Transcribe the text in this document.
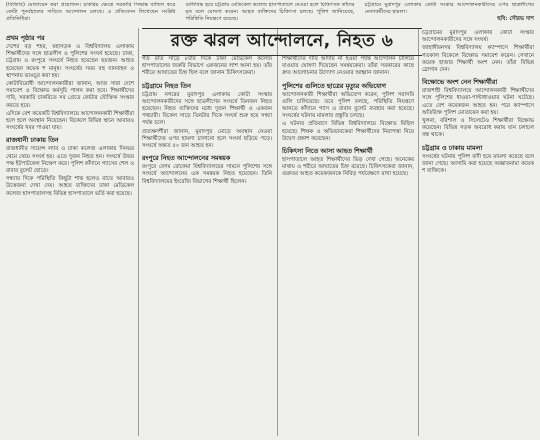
(বিজিবি) মোতায়েন করা প্রয়োজন। চাকরির ক্ষেত্রে সরকারি সিদ্ধান্ত বাতিল করে কোটা পুনর্বহালের দাবিতে আন্দোলন চলছে। এ প্রতিবেদন লিখেছেন সংশ্লিষ্ট প্রতিনিধিরা।

গুলিবিদ্ধ হয়ে চট্টগ্রাম মেডিকেল কলেজ হাসপাতালে নেওয়া হলে চিকিৎসক তাঁদের মৃত বলে ঘোষণা করেন। আহত ব্যক্তিদের চিকিৎসা চলছে। পুলিশ জানিয়েছে, পরিস্থিতি নিয়ন্ত্রণে রয়েছে।

চট্টগ্রামে মুরাদপুর এলাকায় কোটা সংস্কার আন্দোলনকারীদের ওপর ছাত্রলীগের নেতাকর্মীদের হামলা।

ছবি: সৌরভ দাশ

রক্ত ঝরল আন্দোলনে, নিহত ৬
প্রথম পৃষ্ঠার পর

দেশের বড় শহর, মহাসড়ক ও বিশ্ববিদ্যালয় এলাকায় শিক্ষার্থীদের সঙ্গে ছাত্রলীগ ও পুলিশের সংঘর্ষ হয়েছে। ঢাকা, চট্টগ্রাম ও রংপুরে সংঘর্ষে নিহত হয়েছেন ছয়জন। আহত হয়েছেন কয়েক শ মানুষ। সংঘর্ষের সময় বহু যানবাহন ও স্থাপনায় ভাঙচুর করা হয়।

কোটাবিরোধী আন্দোলনকারীরা জানান, আজ সারা দেশে সমাবেশ ও বিক্ষোভ কর্মসূচি পালন করা হবে। শিক্ষার্থীদের দাবি, সরকারি চাকরিতে সব গ্রেডে কোটার যৌক্তিক সংস্কার করতে হবে।

এদিকে বেশ কয়েকটি বিশ্ববিদ্যালয়ে আন্দোলনকারী শিক্ষার্থীরা হলে হলে অবস্থান নিয়েছেন। বিকেলে বিভিন্ন স্থানে আবারও সংঘর্ষের খবর পাওয়া যায়।

রাজধানী ঢাকায় তিন

রাজধানীর সায়েন্স ল্যাব ও ঢাকা কলেজ এলাকায় দিনভর থেমে থেমে সংঘর্ষ হয়। এতে দুজন নিহত হন। সংঘর্ষে উভয় পক্ষ ইটপাটকেল নিক্ষেপ করে। পুলিশ কাঁদানে গ্যাসের শেল ও রাবার বুলেট ছোড়ে।

সন্ধ্যার দিকে পরিস্থিতি কিছুটা শান্ত হলেও রাতে আবারও উত্তেজনা দেখা দেয়। আহত ব্যক্তিদের ঢাকা মেডিকেল কলেজ হাসপাতালসহ বিভিন্ন হাসপাতালে ভর্তি করা হয়েছে।

গত রাত সাড়ে ৮টার দিকে ঢাকা মেডিকেল কলেজ হাসপাতালের জরুরি বিভাগে একজনের লাশ আনা হয়। তাঁর শরীরে আঘাতের চিহ্ন ছিল বলে জানান চিকিৎসকেরা।

চট্টগ্রামে নিহত তিন

চট্টগ্রাম নগরের মুরাদপুর এলাকায় কোটা সংস্কার আন্দোলনকারীদের সঙ্গে ছাত্রলীগের সংঘর্ষে তিনজন নিহত হয়েছেন। নিহত ব্যক্তিদের মধ্যে দুজন শিক্ষার্থী ও একজন পথচারী। বিকেল সাড়ে তিনটার দিকে সংঘর্ষ শুরু হয়ে সন্ধ্যা পর্যন্ত চলে।

প্রত্যক্ষদর্শীরা জানান, মুরাদপুর মোড়ে অবস্থান নেওয়া শিক্ষার্থীদের ওপর হামলা চালানো হলে সংঘর্ষ ছড়িয়ে পড়ে। সংঘর্ষে অন্তত ৫০ জন আহত হন।

রংপুরে নিহত আন্দোলনের সমন্বয়ক

রংপুরে বেগম রোকেয়া বিশ্ববিদ্যালয়ের সামনে পুলিশের সঙ্গে সংঘর্ষে আন্দোলনের এক সমন্বয়ক নিহত হয়েছেন। তিনি বিশ্ববিদ্যালয়ের ইংরেজি বিভাগের শিক্ষার্থী ছিলেন।

শিক্ষার্থীদের দাবি আদায় না হওয়া পর্যন্ত আন্দোলন চালিয়ে যাওয়ার ঘোষণা দিয়েছেন সমন্বয়কেরা। তাঁরা সরকারের কাছে দ্রুত আলোচনার উদ্যোগ নেওয়ার আহ্বান জানান।

পুলিশের গুলিতে ছাত্রের মৃত্যুর অভিযোগ

আন্দোলনকারী শিক্ষার্থীরা অভিযোগ করেন, পুলিশ সরাসরি গুলি চালিয়েছে। তবে পুলিশ বলছে, পরিস্থিতি নিয়ন্ত্রণে আনতে কাঁদানে গ্যাস ও রাবার বুলেট ব্যবহার করা হয়েছে। সংঘর্ষের ঘটনায় মামলার প্রস্তুতি চলছে।

এ ঘটনার প্রতিবাদে বিভিন্ন বিশ্ববিদ্যালয়ে বিক্ষোভ মিছিল হয়েছে। শিক্ষক ও অভিভাবকেরা শিক্ষার্থীদের নিরাপত্তা নিয়ে উদ্বেগ প্রকাশ করেছেন।

চিকিৎসা নিতে আসা আহত শিক্ষার্থী

হাসপাতালে আহত শিক্ষার্থীদের ভিড় দেখা গেছে। অনেকের মাথায় ও শরীরে আঘাতের চিহ্ন রয়েছে। চিকিৎসকেরা জানান, গুরুতর আহত কয়েকজনকে নিবিড় পর্যবেক্ষণে রাখা হয়েছে।

চট্টগ্রামের মুরাদপুর এলাকায় কোটা সংস্কার আন্দোলনকারীদের সঙ্গে সংঘর্ষ।

জাহাঙ্গীরনগর বিশ্ববিদ্যালয় ক্যাম্পাসে শিক্ষার্থীরা গতকাল বিকেলে বিক্ষোভ সমাবেশ করেন। সেখানে কয়েক হাজার শিক্ষার্থী অংশ নেন। তাঁরা বিভিন্ন স্লোগান দেন।

বিক্ষোভে অংশ নেন শিক্ষার্থীরা

রাজশাহী বিশ্ববিদ্যালয়ে আন্দোলনকারী শিক্ষার্থীদের সঙ্গে পুলিশের ধাওয়া-পাল্টাধাওয়ার ঘটনা ঘটেছে। এতে বেশ কয়েকজন আহত হন। পরে ক্যাম্পাসে অতিরিক্ত পুলিশ মোতায়েন করা হয়।

খুলনা, বরিশাল ও সিলেটেও শিক্ষার্থীরা বিক্ষোভ করেছেন। বিভিন্ন সড়ক অবরোধ করায় যান চলাচল বন্ধ থাকে।

চট্টগ্রাম ও ঢাকায় মামলা

সংঘর্ষের ঘটনায় পুলিশ বাদী হয়ে মামলা করেছে বলে জানা গেছে। আসামি করা হয়েছে অজ্ঞাতনামা কয়েক শ ব্যক্তিকে।
